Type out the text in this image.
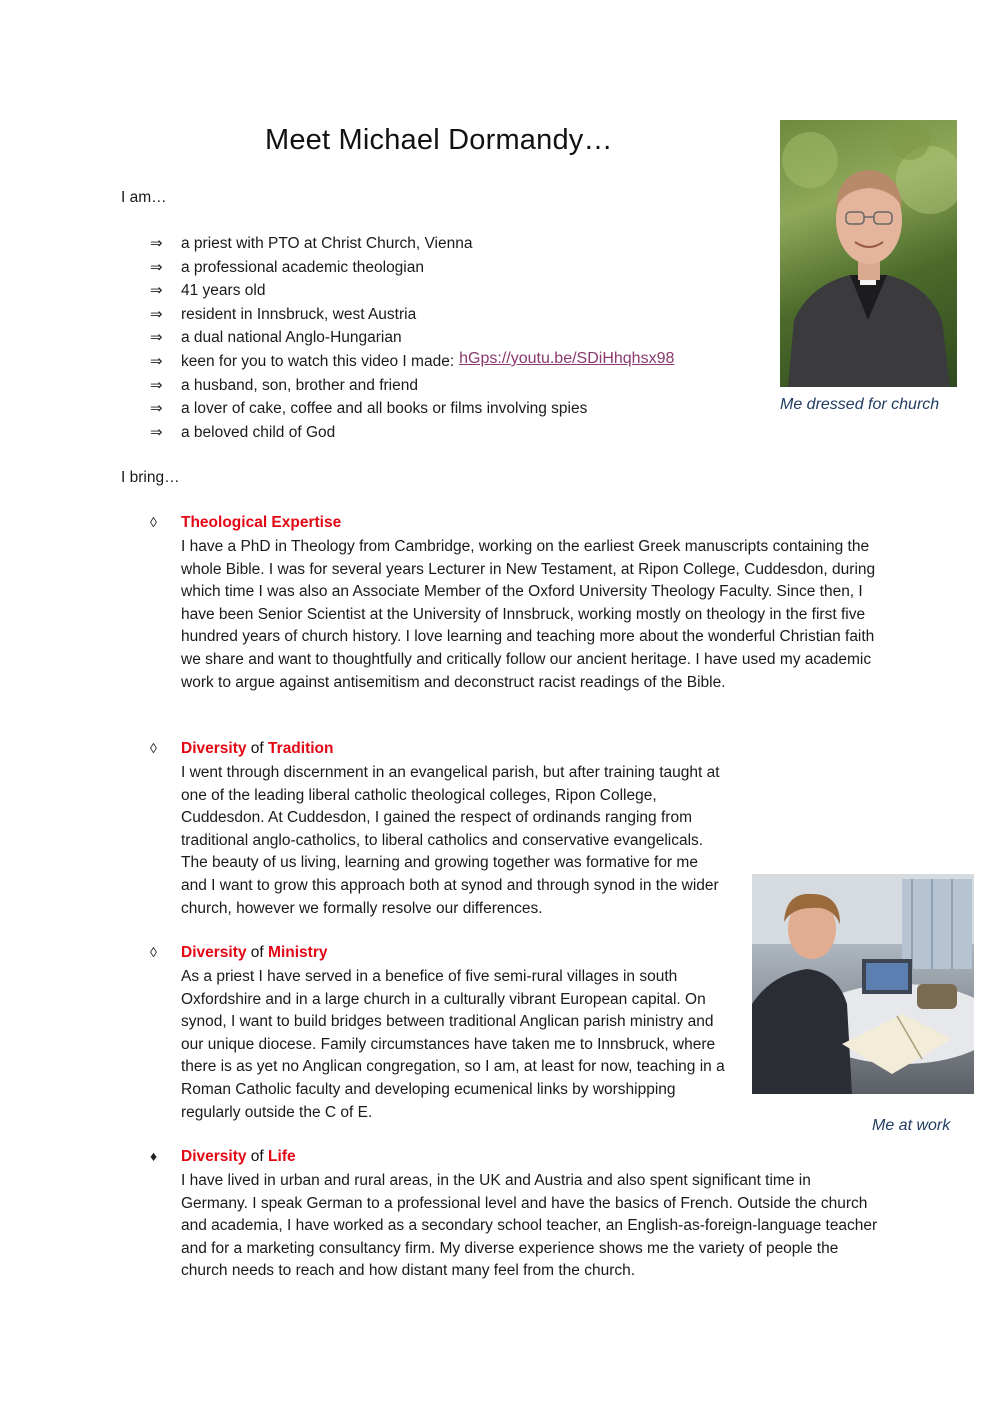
Meet Michael Dormandy…

I am…

⇒	a priest with PTO at Christ Church, Vienna
⇒	a professional academic theologian
⇒	41 years old
⇒	resident in Innsbruck, west Austria
⇒	a dual national Anglo-Hungarian
⇒	keen for you to watch this video I made: hGps://youtu.be/SDiHhqhsx98
⇒	a husband, son, brother and friend
⇒	a lover of cake, coffee and all books or films involving spies
⇒	a beloved child of God

Me dressed for church

I bring…

◊	Theological Expertise

I have a PhD in Theology from Cambridge, working on the earliest Greek manuscripts containing the whole Bible. I was for several years Lecturer in New Testament, at Ripon College, Cuddesdon, during which time I was also an Associate Member of the Oxford University Theology Faculty. Since then, I have been Senior Scientist at the University of Innsbruck, working mostly on theology in the first five hundred years of church history. I love learning and teaching more about the wonderful Christian faith we share and want to thoughtfully and critically follow our ancient heritage. I have used my academic work to argue against antisemitism and deconstruct racist readings of the Bible.

◊	Diversity
of
Tradition

I went through discernment in an evangelical parish, but after training taught at one of the leading liberal catholic theological colleges, Ripon College, Cuddesdon. At Cuddesdon, I gained the respect of ordinands ranging from traditional anglo-catholics, to liberal catholics and conservative evangelicals. The beauty of us living, learning and growing together was formative for me and I want to grow this approach both at synod and through synod in the wider church, however we formally resolve our differences.

◊	Diversity
of
Ministry

As a priest I have served in a benefice of five semi-rural villages in south Oxfordshire and in a large church in a culturally vibrant European capital. On synod, I want to build bridges between traditional Anglican parish ministry and our unique diocese. Family circumstances have taken me to Innsbruck, where there is as yet no Anglican congregation, so I am, at least for now, teaching in a Roman Catholic faculty and developing ecumenical links by worshipping regularly outside the C of E.

Me at work

♦	Diversity
of
Life

I have lived in urban and rural areas, in the UK and Austria and also spent significant time in Germany. I speak German to a professional level and have the basics of French. Outside the church and academia, I have worked as a secondary school teacher, an English-as-foreign-language teacher and for a marketing consultancy firm. My diverse experience shows me the variety of people the church needs to reach and how distant many feel from the church.
